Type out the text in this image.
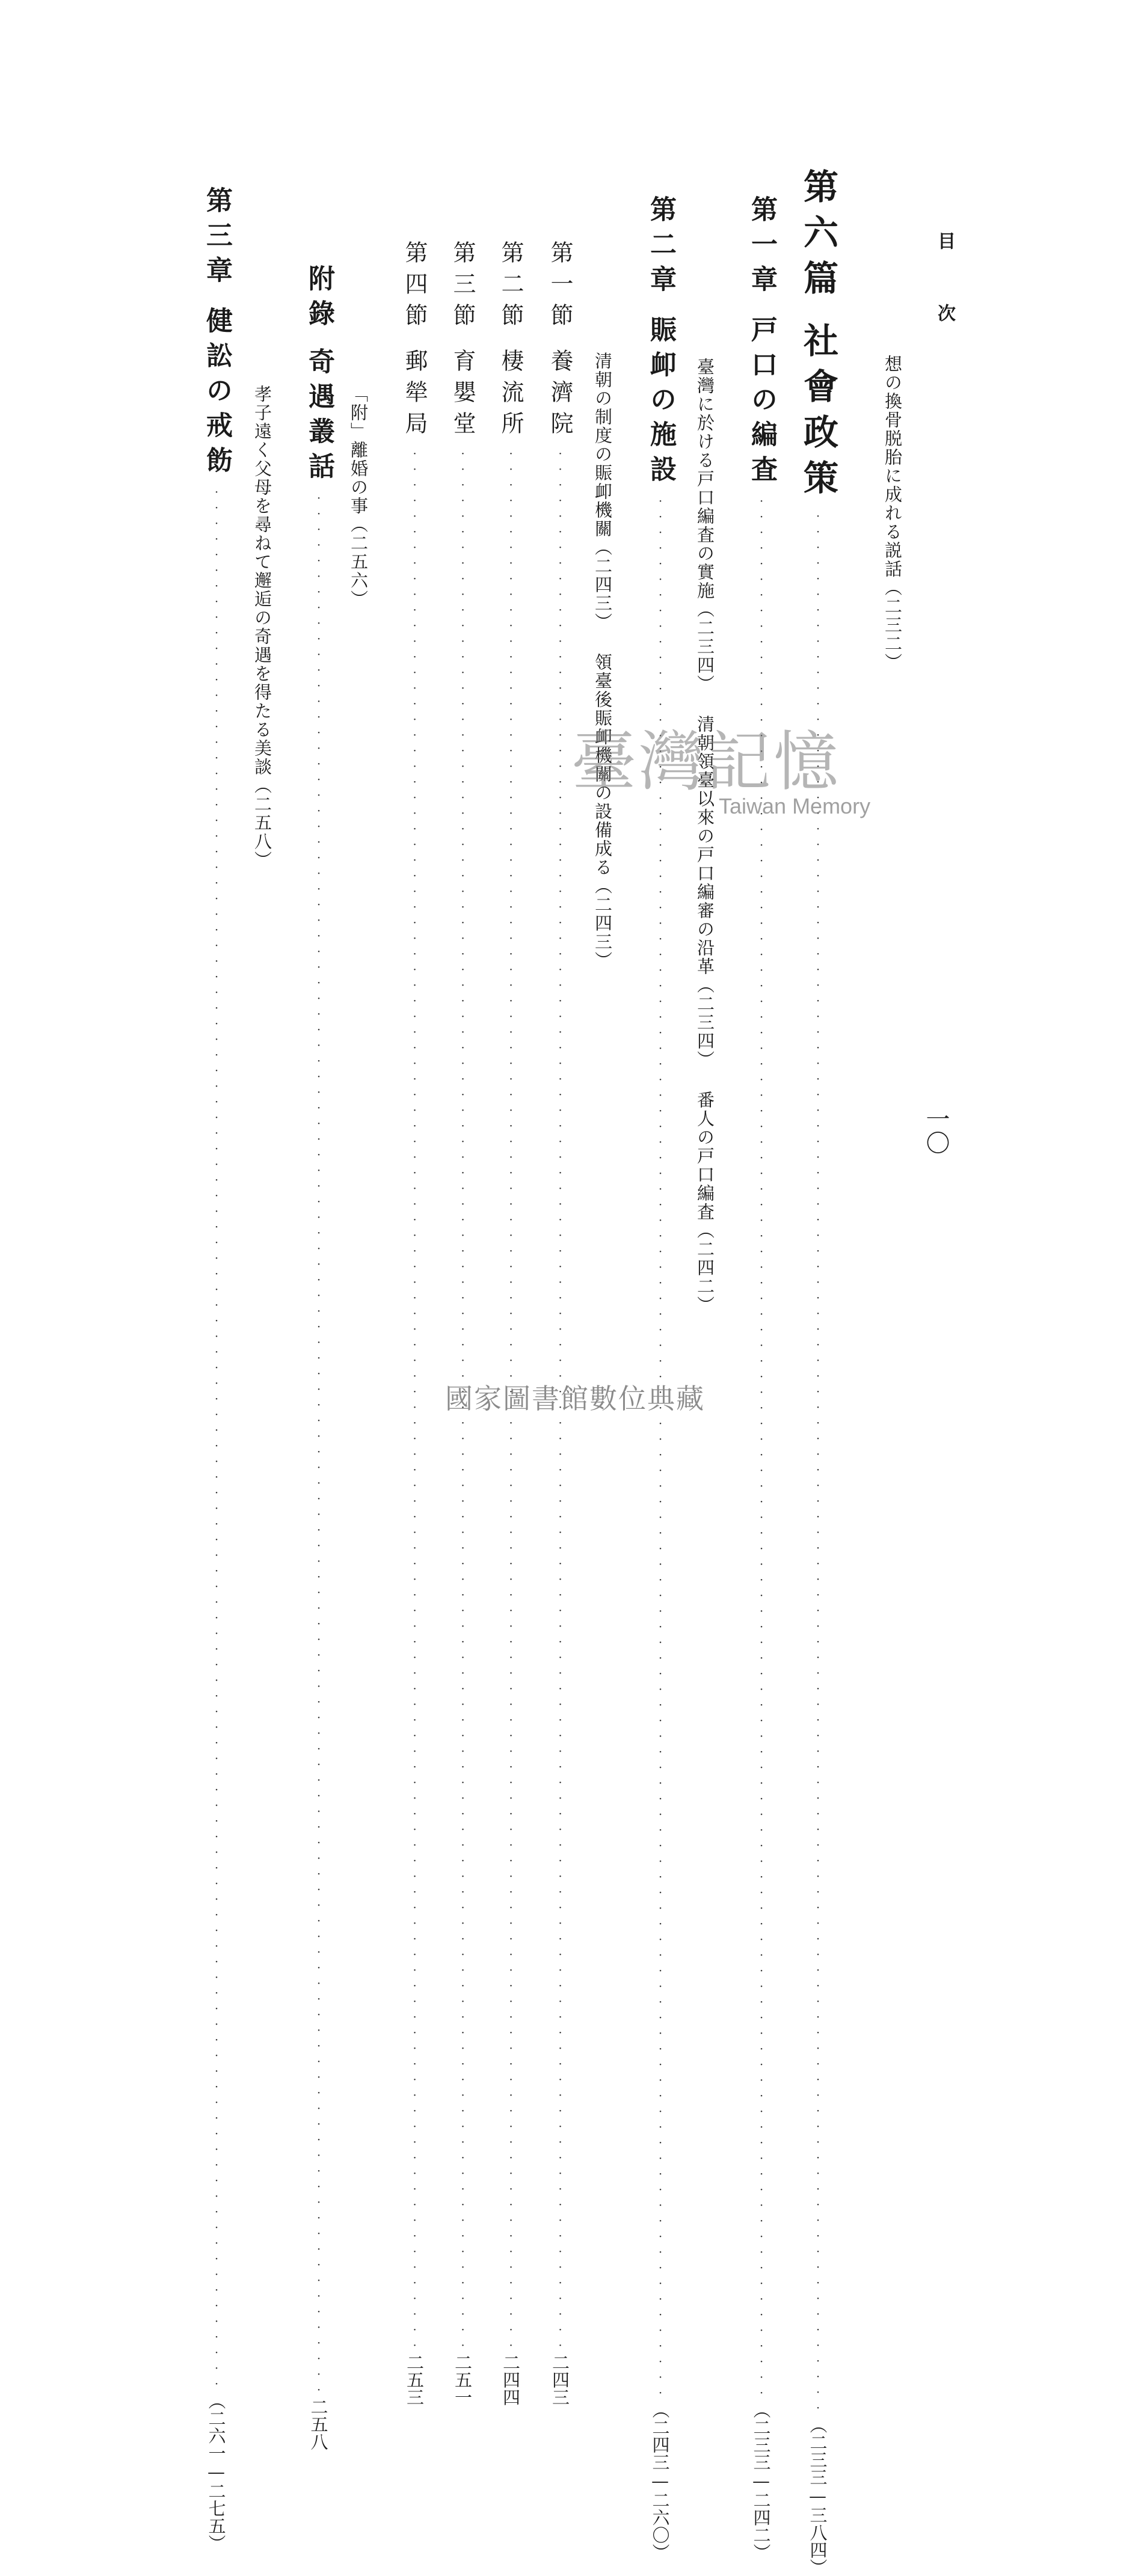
目次
一〇
想の換骨脱胎に成れる説話（二三二）
第六篇
社會政策
··························································································································
（二三三—三八四）
第一章
戸口の編査
··························································································································
（二三三—二四二）
臺灣に於ける戸口編査の實施（二三四） 清朝領臺以來の戸口編審の沿革（二三四） 番人の戸口編査（二四二）
第二章
賑卹の施設
··························································································································
（二四三—二六〇）
清朝の制度の賑卹機關（二四三） 領臺後賑卹機關の設備成る（二四三）
第一節
養濟院
··························································································································
二四三
第二節
棲流所
··························································································································
二四四
第三節
育嬰堂
··························································································································
二五一
第四節
郵犖局
··························································································································
二五三
「附」離婚の事（二五六）
附錄
奇遇叢話
··························································································································
二五八
孝子遠く父母を尋ねて邂逅の奇遇を得たる美談（二五八）
第三章
健訟の戒飭
··························································································································
（二六一—二七五）
臺灣記憶
Taiwan Memory
國家圖書館數位典藏
